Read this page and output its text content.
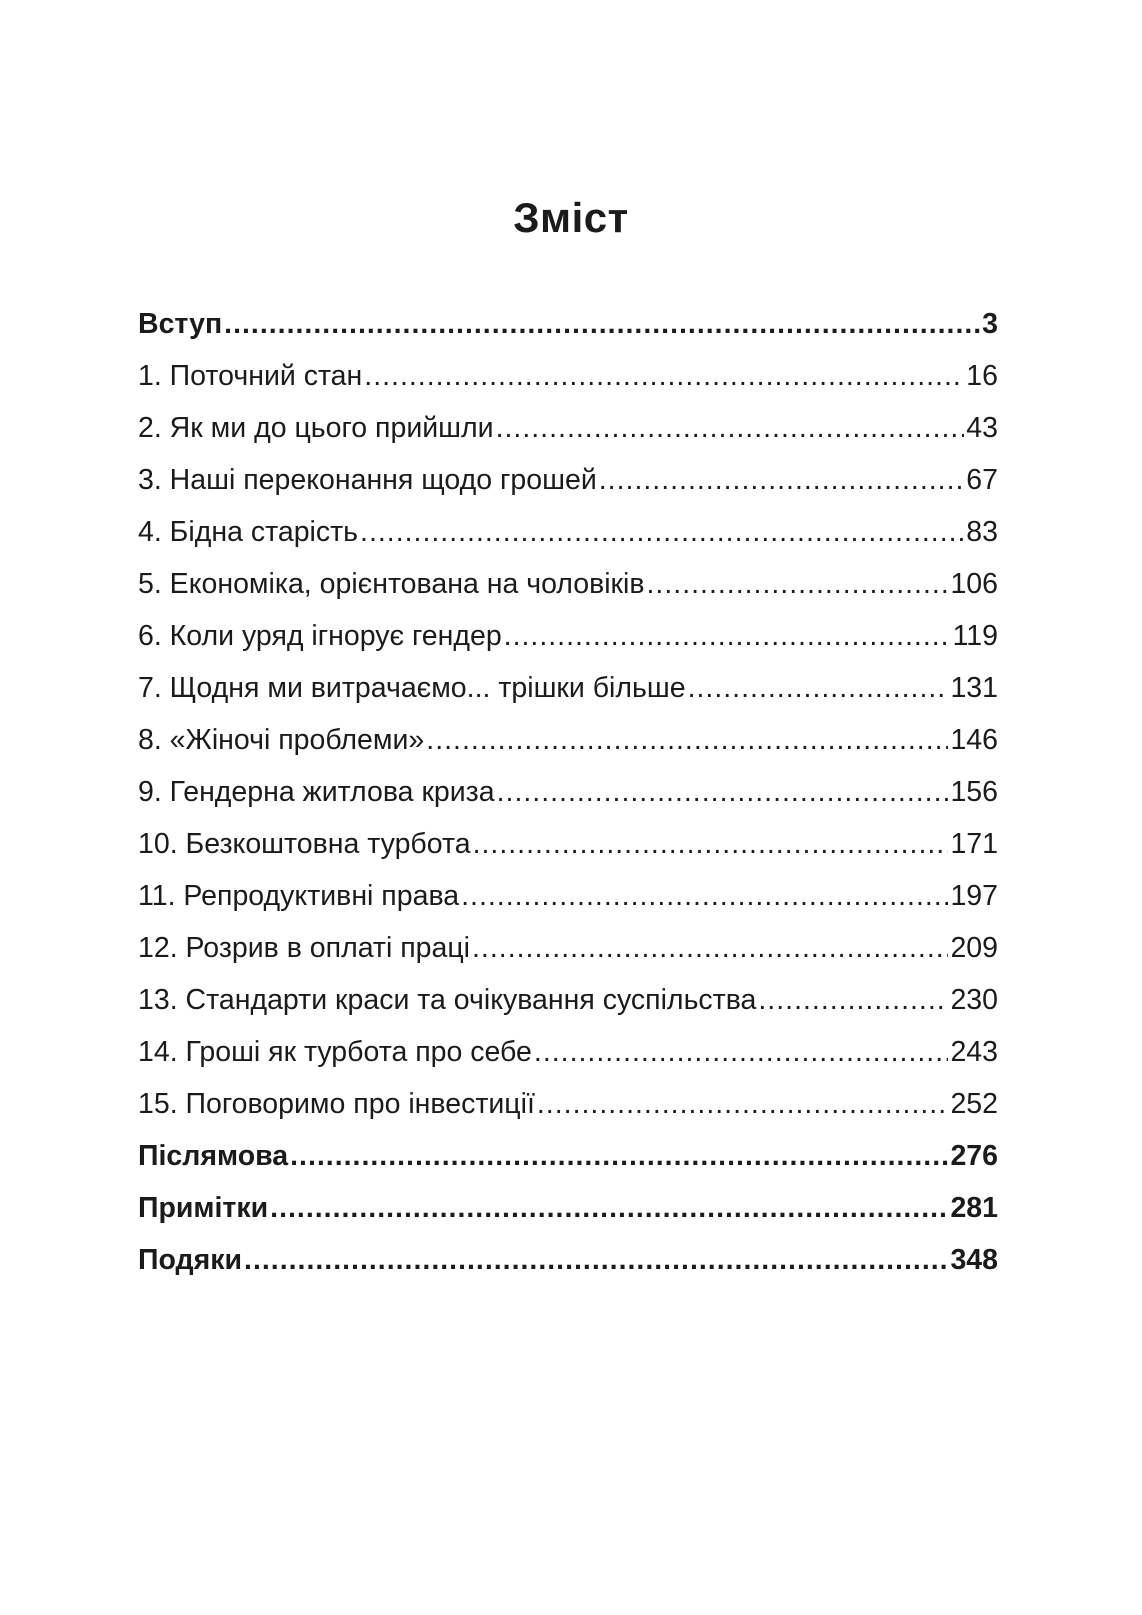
Зміст
Вступ .....	3
1. Поточний стан .....	16
2. Як ми до цього прийшли .....	43
3. Наші переконання щодо грошей .....	67
4. Бідна старість .....	83
5. Економіка, орієнтована на чоловіків .....	106
6. Коли уряд ігнорує гендер .....	119
7. Щодня ми витрачаємо... трішки більше .....	131
8. «Жіночі проблеми» .....	146
9. Гендерна житлова криза .....	156
10. Безкоштовна турбота .....	171
11. Репродуктивні права .....	197
12. Розрив в оплаті праці .....	209
13. Стандарти краси та очікування суспільства .....	230
14. Гроші як турбота про себе .....	243
15. Поговоримо про інвестиції .....	252
Післямова .....	276
Примітки .....	281
Подяки .....	348
